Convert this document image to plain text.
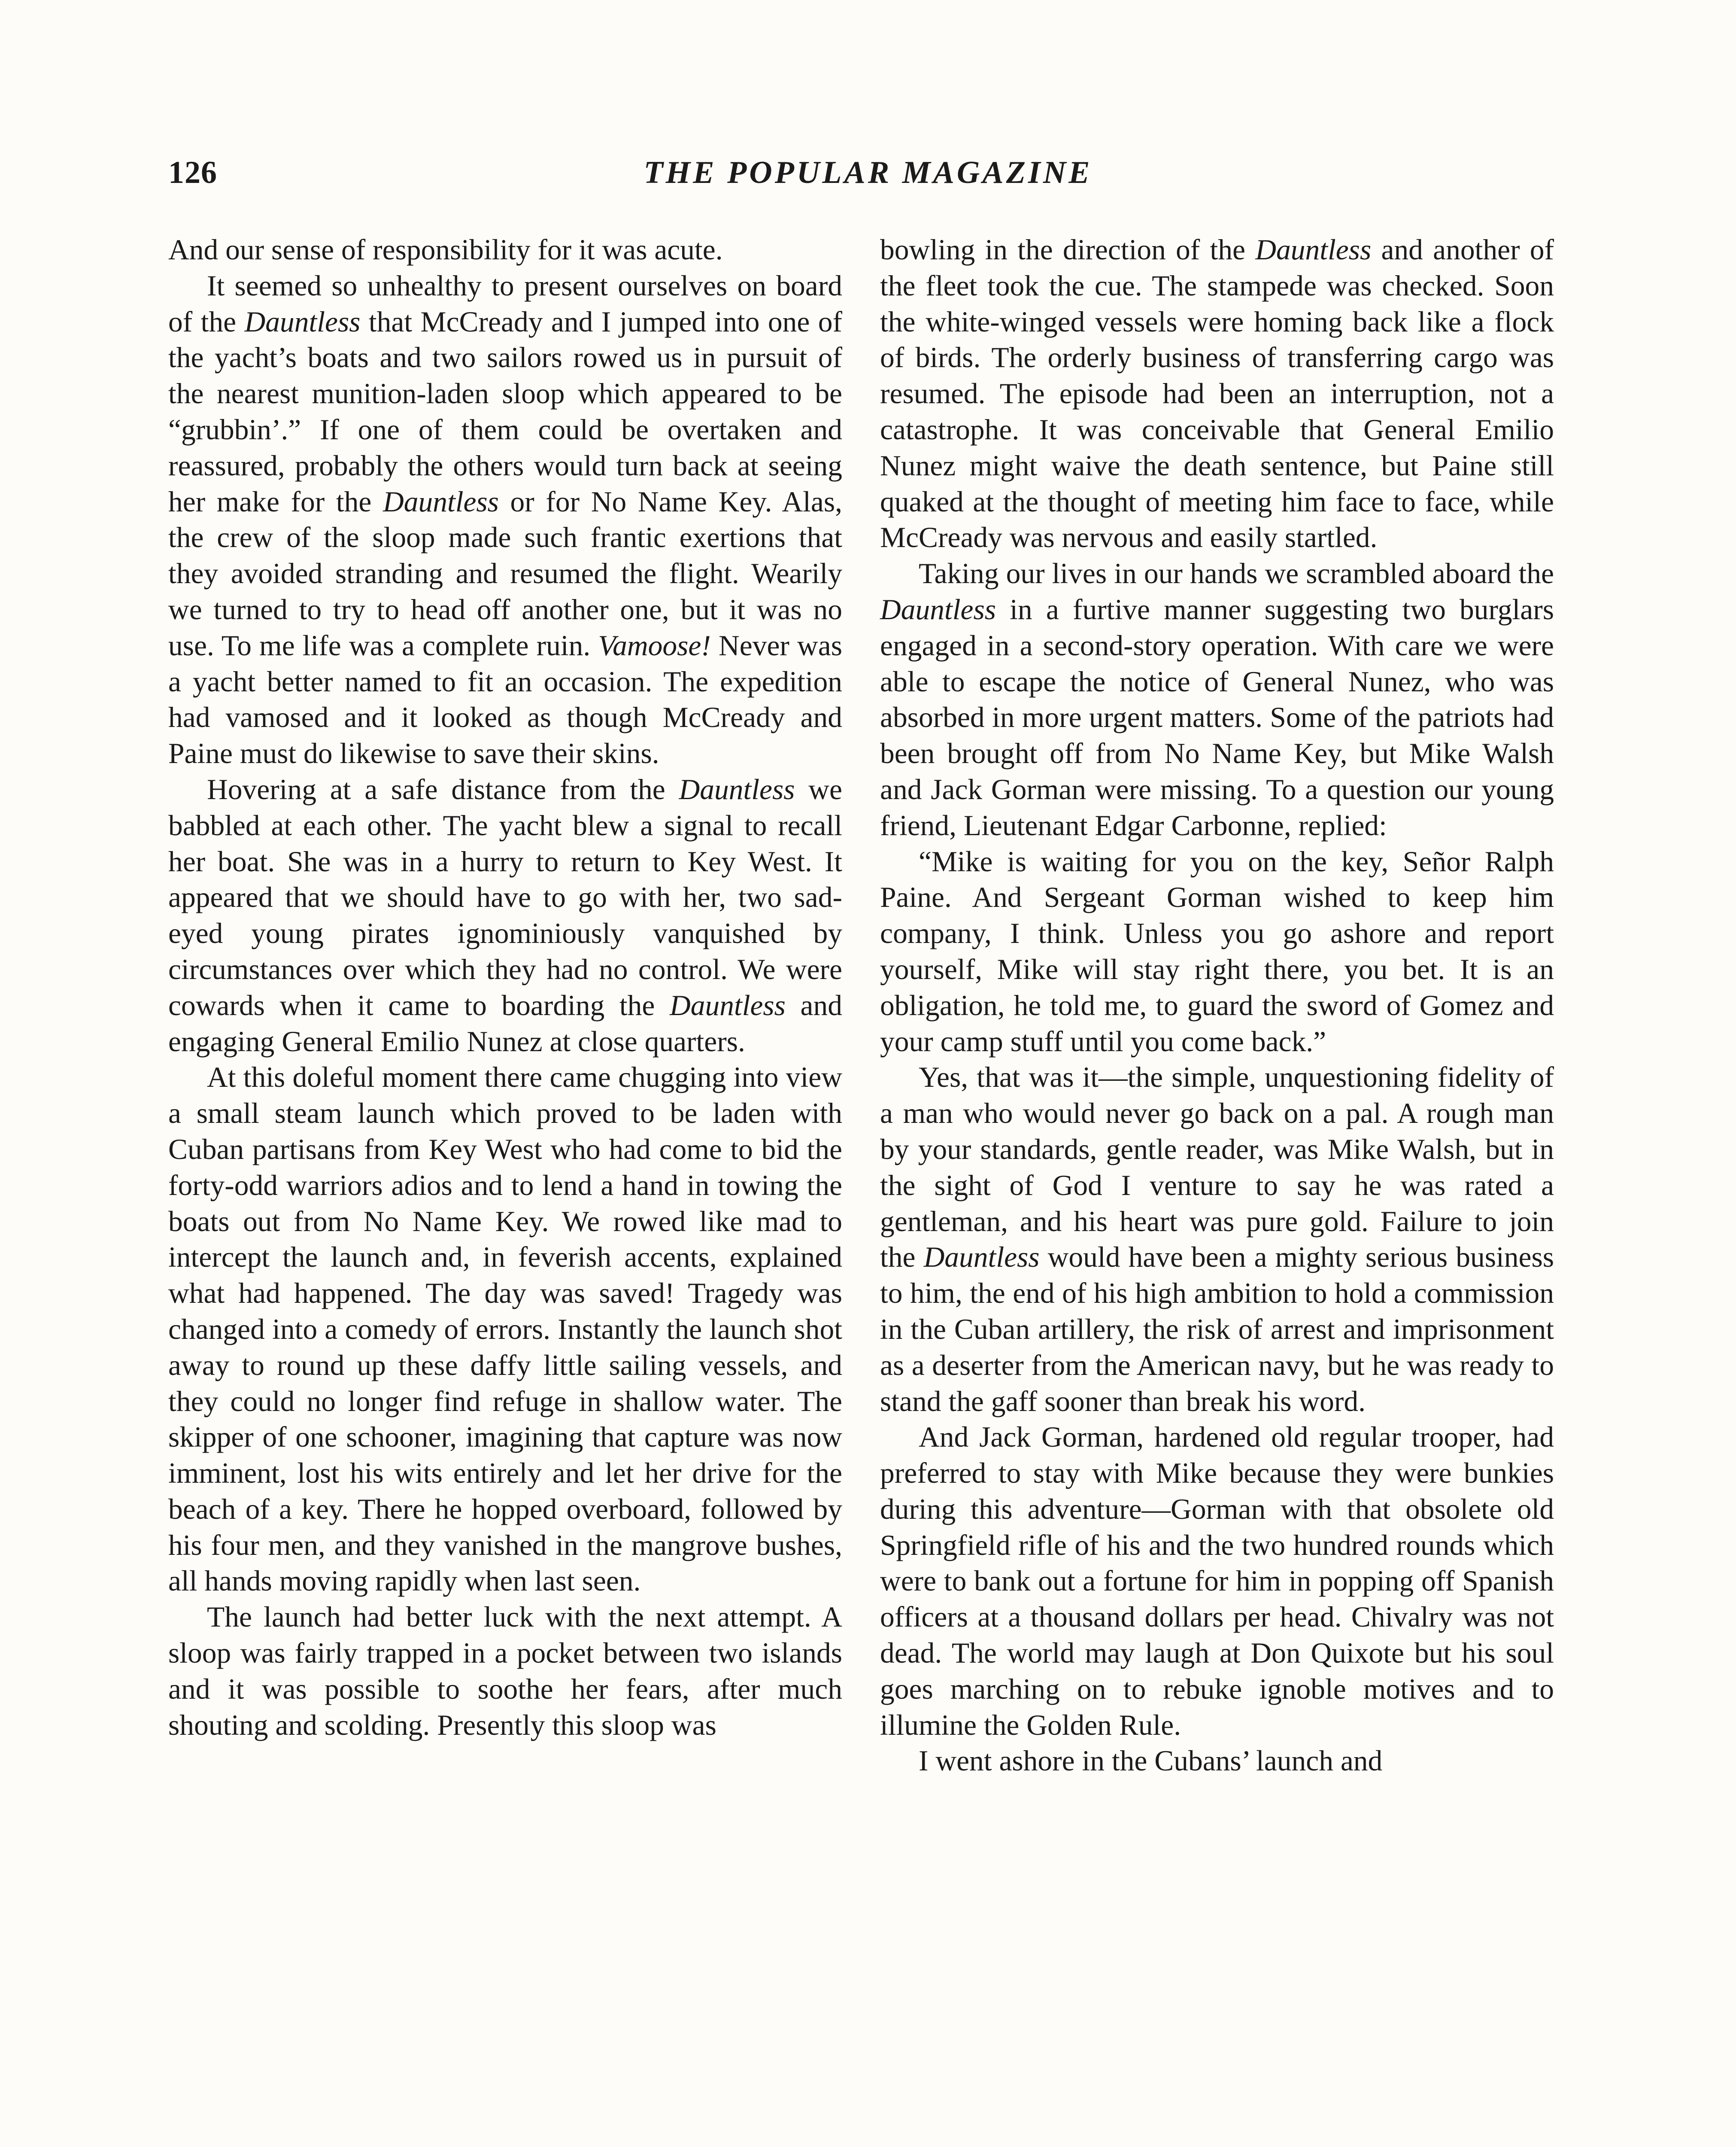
126	THE POPULAR MAGAZINE

And our sense of responsibility for it was acute.

It seemed so unhealthy to present ourselves on board of the Dauntless that McCready and I jumped into one of the yacht’s boats and two sailors rowed us in pursuit of the nearest munition-laden sloop which appeared to be “grubbin’.” If one of them could be overtaken and reassured, probably the others would turn back at seeing her make for the Dauntless or for No Name Key. Alas, the crew of the sloop made such frantic exertions that they avoided stranding and resumed the flight. Wearily we turned to try to head off another one, but it was no use. To me life was a complete ruin. Vamoose! Never was a yacht better named to fit an occasion. The expedition had vamosed and it looked as though McCready and Paine must do likewise to save their skins.

Hovering at a safe distance from the Dauntless we babbled at each other. The yacht blew a signal to recall her boat. She was in a hurry to return to Key West. It appeared that we should have to go with her, two sad-eyed young pirates ignominiously vanquished by circumstances over which they had no control. We were cowards when it came to boarding the Dauntless and engaging General Emilio Nunez at close quarters.

At this doleful moment there came chugging into view a small steam launch which proved to be laden with Cuban partisans from Key West who had come to bid the forty-odd warriors adios and to lend a hand in towing the boats out from No Name Key. We rowed like mad to intercept the launch and, in feverish accents, explained what had happened. The day was saved! Tragedy was changed into a comedy of errors. Instantly the launch shot away to round up these daffy little sailing vessels, and they could no longer find refuge in shallow water. The skipper of one schooner, imagining that capture was now imminent, lost his wits entirely and let her drive for the beach of a key. There he hopped overboard, followed by his four men, and they vanished in the mangrove bushes, all hands moving rapidly when last seen.

The launch had better luck with the next attempt. A sloop was fairly trapped in a pocket between two islands and it was possible to soothe her fears, after much shouting and scolding. Presently this sloop was

bowling in the direction of the Dauntless and another of the fleet took the cue. The stampede was checked. Soon the white-winged vessels were homing back like a flock of birds. The orderly business of transferring cargo was resumed. The episode had been an interruption, not a catastrophe. It was conceivable that General Emilio Nunez might waive the death sentence, but Paine still quaked at the thought of meeting him face to face, while McCready was nervous and easily startled.

Taking our lives in our hands we scrambled aboard the Dauntless in a furtive manner suggesting two burglars engaged in a second-story operation. With care we were able to escape the notice of General Nunez, who was absorbed in more urgent matters. Some of the patriots had been brought off from No Name Key, but Mike Walsh and Jack Gorman were missing. To a question our young friend, Lieutenant Edgar Carbonne, replied:

“Mike is waiting for you on the key, Señor Ralph Paine. And Sergeant Gorman wished to keep him company, I think. Unless you go ashore and report yourself, Mike will stay right there, you bet. It is an obligation, he told me, to guard the sword of Gomez and your camp stuff until you come back.”

Yes, that was it—the simple, unquestioning fidelity of a man who would never go back on a pal. A rough man by your standards, gentle reader, was Mike Walsh, but in the sight of God I venture to say he was rated a gentleman, and his heart was pure gold. Failure to join the Dauntless would have been a mighty serious business to him, the end of his high ambition to hold a commission in the Cuban artillery, the risk of arrest and imprisonment as a deserter from the American navy, but he was ready to stand the gaff sooner than break his word.

And Jack Gorman, hardened old regular trooper, had preferred to stay with Mike because they were bunkies during this adventure—Gorman with that obsolete old Springfield rifle of his and the two hundred rounds which were to bank out a fortune for him in popping off Spanish officers at a thousand dollars per head. Chivalry was not dead. The world may laugh at Don Quixote but his soul goes marching on to rebuke ignoble motives and to illumine the Golden Rule.

I went ashore in the Cubans’ launch and
